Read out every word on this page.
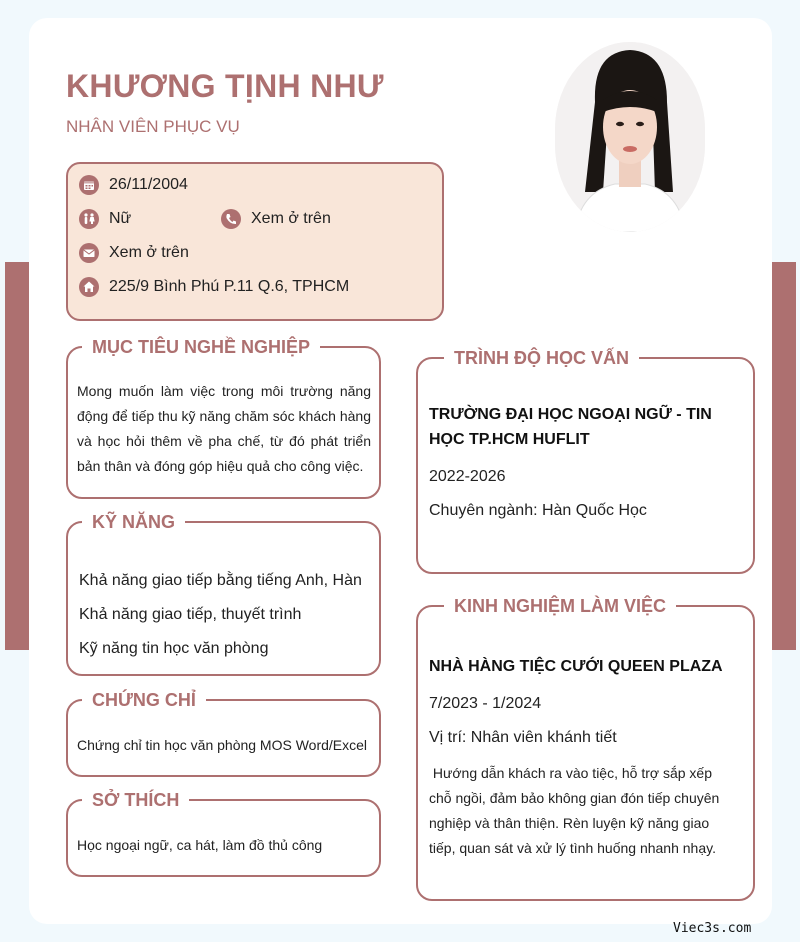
KHƯƠNG TỊNH NHƯ
NHÂN VIÊN PHỤC VỤ
26/11/2004
Nữ	Xem ở trên
Xem ở trên
225/9 Bình Phú P.11 Q.6, TPHCM
MỤC TIÊU NGHỀ NGHIỆP
Mong muốn làm việc trong môi trường năng động để tiếp thu kỹ năng chăm sóc khách hàng và học hỏi thêm về pha chế, từ đó phát triển bản thân và đóng góp hiệu quả cho công việc.
KỸ NĂNG
Khả năng giao tiếp bằng tiếng Anh, Hàn
Khả năng giao tiếp, thuyết trình
Kỹ năng tin học văn phòng
CHỨNG CHỈ
Chứng chỉ tin học văn phòng MOS Word/Excel
SỞ THÍCH
Học ngoại ngữ, ca hát, làm đồ thủ công
TRÌNH ĐỘ HỌC VẤN
TRƯỜNG ĐẠI HỌC NGOẠI NGỮ - TIN
HỌC TP.HCM HUFLIT
2022-2026
Chuyên ngành: Hàn Quốc Học
KINH NGHIỆM LÀM VIỆC
NHÀ HÀNG TIỆC CƯỚI QUEEN PLAZA
7/2023 - 1/2024
Vị trí: Nhân viên khánh tiết
Hướng dẫn khách ra vào tiệc, hỗ trợ sắp xếp chỗ ngồi, đảm bảo không gian đón tiếp chuyên nghiệp và thân thiện. Rèn luyện kỹ năng giao tiếp, quan sát và xử lý tình huống nhanh nhạy.
Viec3s.com
